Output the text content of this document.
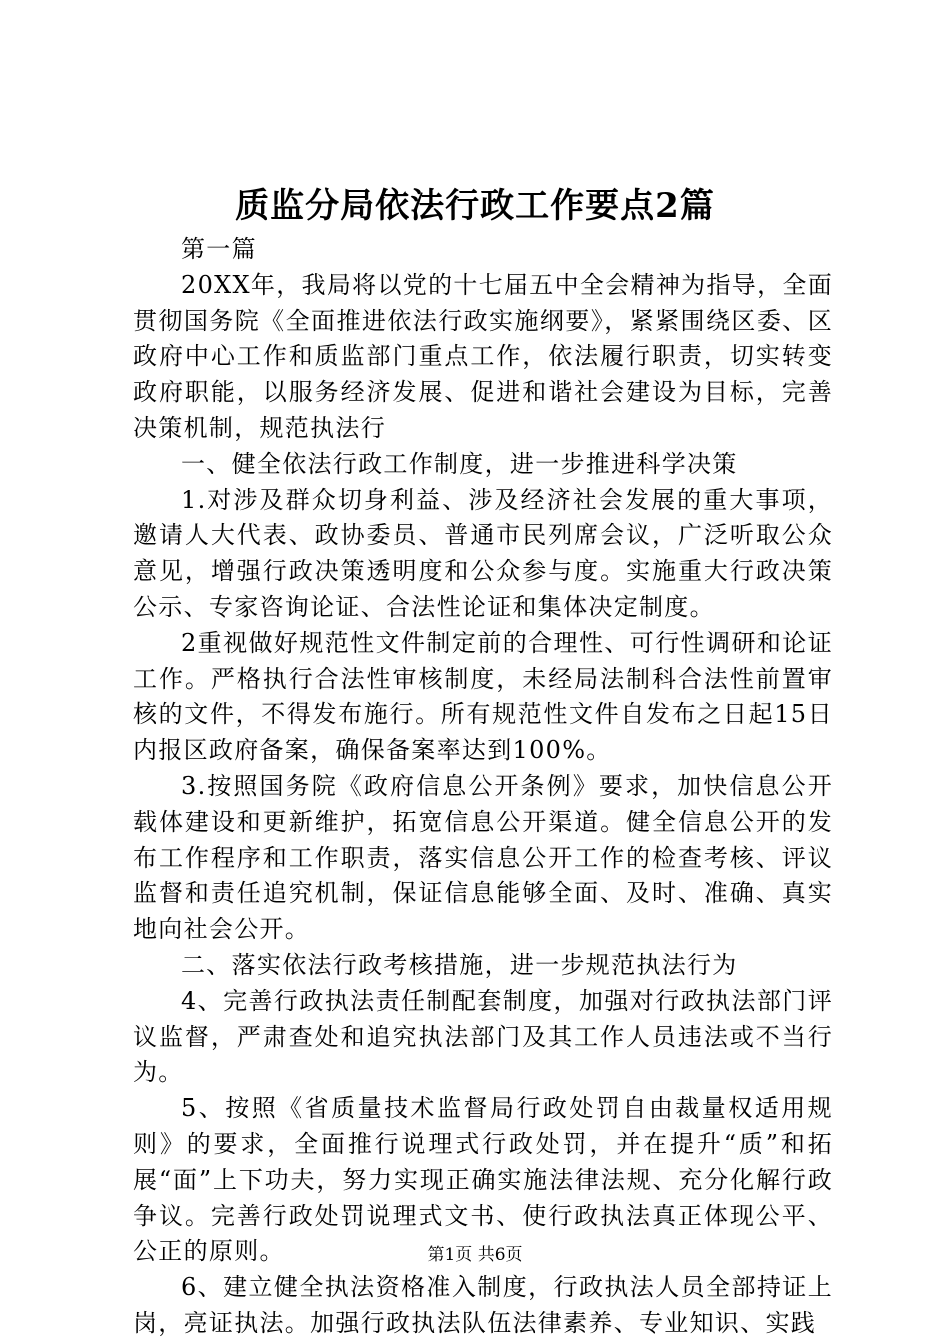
质监分局依法行政工作要点2篇

第一篇

20XX年，我局将以党的十七届五中全会精神为指导，全面贯彻国务院《全面推进依法行政实施纲要》，紧紧围绕区委、区政府中心工作和质监部门重点工作，依法履行职责，切实转变政府职能，以服务经济发展、促进和谐社会建设为目标，完善决策机制，规范执法行

一、健全依法行政工作制度，进一步推进科学决策

1.对涉及群众切身利益、涉及经济社会发展的重大事项，邀请人大代表、政协委员、普通市民列席会议，广泛听取公众意见，增强行政决策透明度和公众参与度。实施重大行政决策公示、专家咨询论证、合法性论证和集体决定制度。

2重视做好规范性文件制定前的合理性、可行性调研和论证工作。严格执行合法性审核制度，未经局法制科合法性前置审核的文件，不得发布施行。所有规范性文件自发布之日起15日内报区政府备案，确保备案率达到100%。

3.按照国务院《政府信息公开条例》要求，加快信息公开载体建设和更新维护，拓宽信息公开渠道。健全信息公开的发布工作程序和工作职责，落实信息公开工作的检查考核、评议监督和责任追究机制，保证信息能够全面、及时、准确、真实地向社会公开。

二、落实依法行政考核措施，进一步规范执法行为

4、完善行政执法责任制配套制度，加强对行政执法部门评议监督，严肃查处和追究执法部门及其工作人员违法或不当行为。

5、按照《省质量技术监督局行政处罚自由裁量权适用规则》的要求，全面推行说理式行政处罚，并在提升“质”和拓展“面”上下功夫，努力实现正确实施法律法规、充分化解行政争议。完善行政处罚说理式文书、使行政执法真正体现公平、公正的原则。

6、建立健全执法资格准入制度，行政执法人员全部持证上岗，亮证执法。加强行政执法队伍法律素养、专业知识、实践

第1页 共6页
